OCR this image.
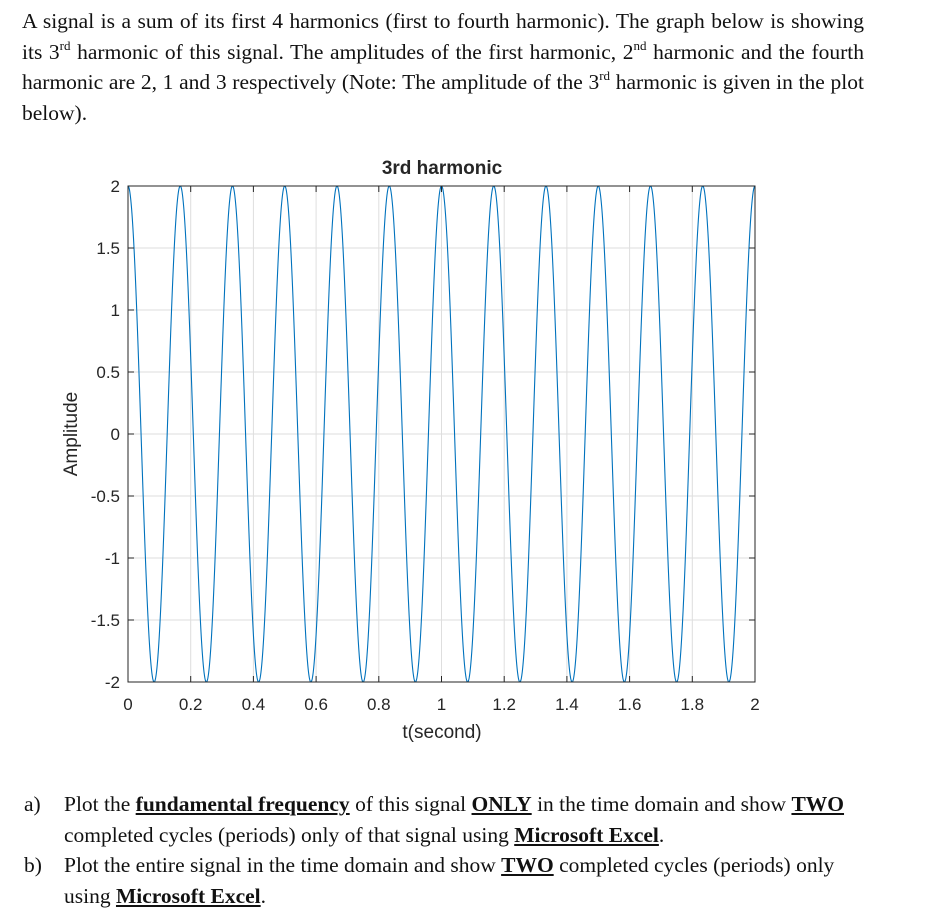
A signal is a sum of its first 4 harmonics (first to fourth harmonic). The graph below is showing its 3rd harmonic of this signal. The amplitudes of the first harmonic, 2nd harmonic and the fourth harmonic are 2, 1 and 3 respectively (Note: The amplitude of the 3rd harmonic is given in the plot below).
0	0.2 0.4 0.6 0.8	1	1.2 1.4 1.6 1.8	2
2
1.5
1
0.5
0
-0.5
-1
-1.5
-2
3rd harmonic
t(second)
Amplitude
a) Plot the fundamental frequency of this signal ONLY in the time domain and show TWO completed cycles (periods) only of that signal using Microsoft Excel.
b) Plot the entire signal in the time domain and show TWO completed cycles (periods) only using Microsoft Excel.
